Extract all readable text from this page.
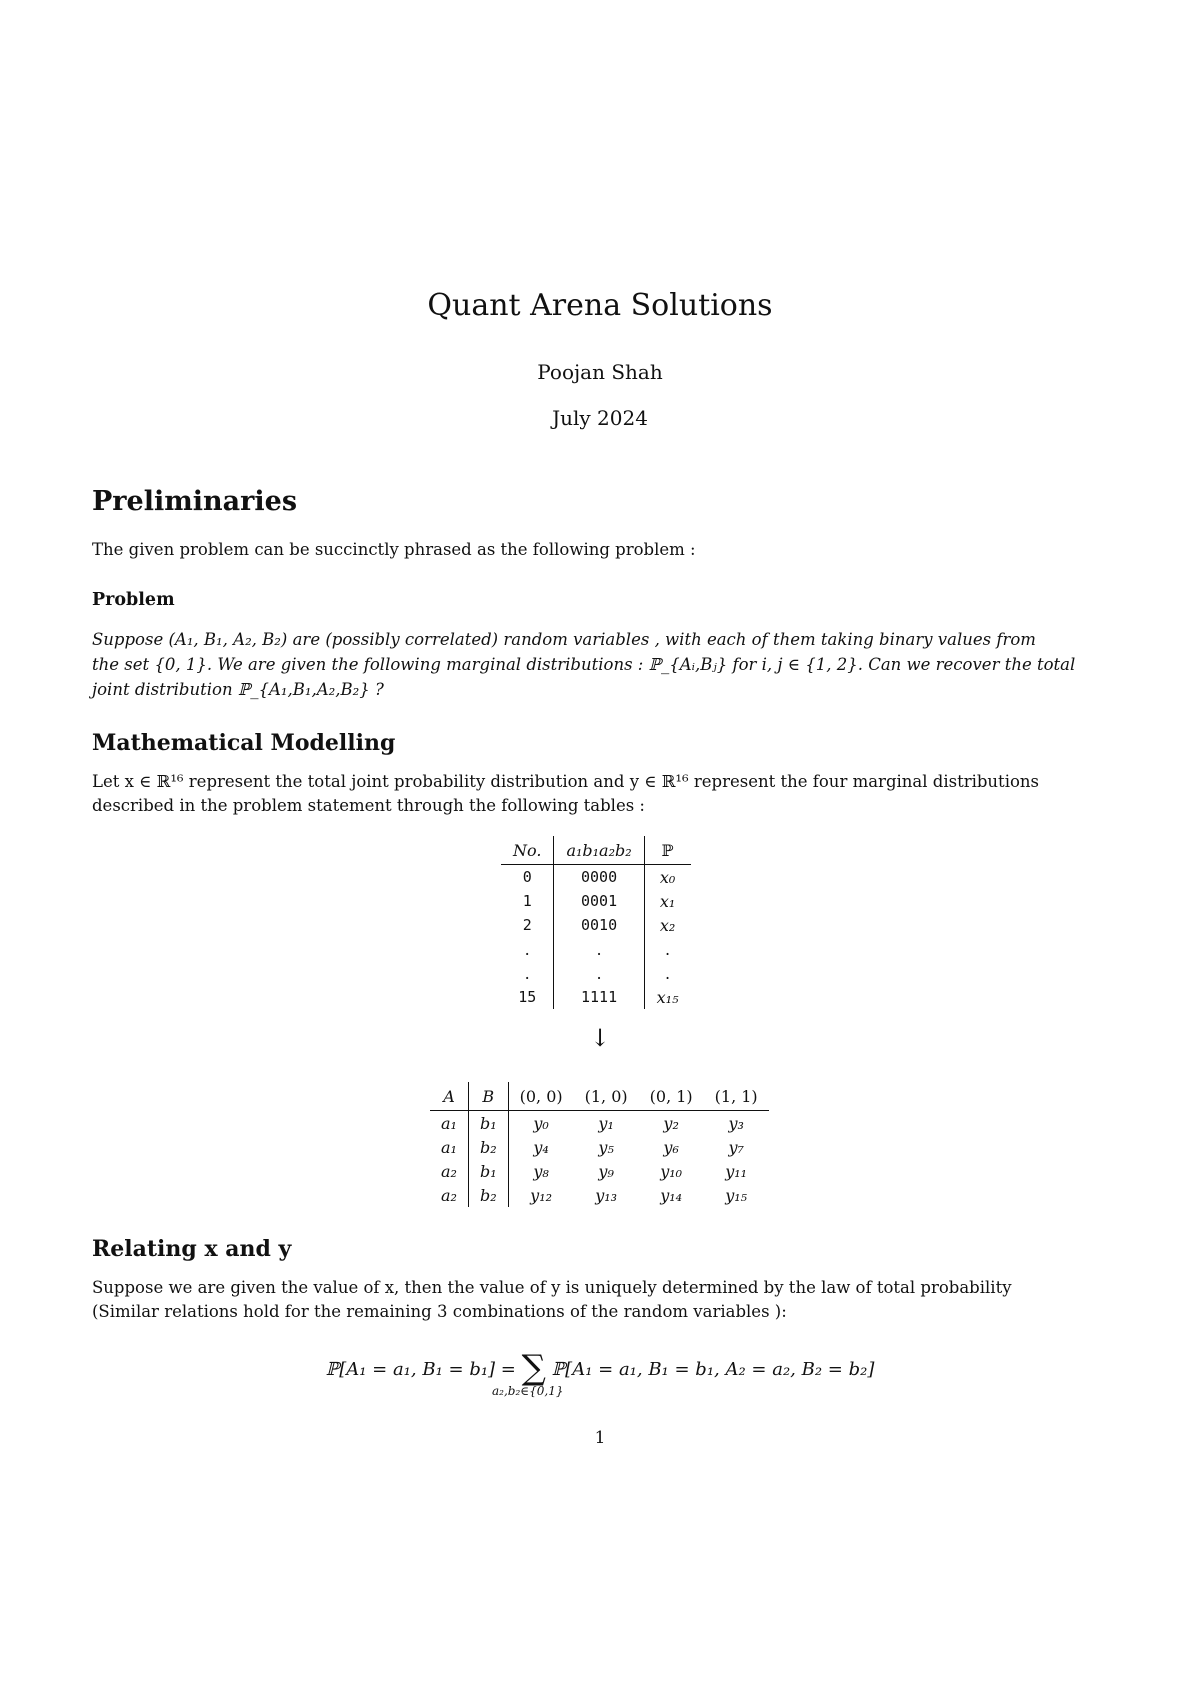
Quant Arena Solutions
Poojan Shah
July 2024
Preliminaries
The given problem can be succinctly phrased as the following problem :
Problem
Suppose (A₁, B₁, A₂, B₂) are (possibly correlated) random variables , with each of them taking binary values from
the set {0, 1}. We are given the following marginal distributions : ℙ_{Aᵢ,Bⱼ} for i, j ∈ {1, 2}. Can we recover the total
joint distribution ℙ_{A₁,B₁,A₂,B₂} ?
Mathematical Modelling
Let x ∈ ℝ¹⁶ represent the total joint probability distribution and y ∈ ℝ¹⁶ represent the four marginal distributions
described in the problem statement through the following tables :
No.	a₁b₁a₂b₂	ℙ
0	0000	x₀
1	0001	x₁
2	0010	x₂
.	.	.
.	.	.
15	1111	x₁₅
↓
A	B	(0, 0)	(1, 0)	(0, 1)	(1, 1)
a₁	b₁	y₀	y₁	y₂	y₃
a₁	b₂	y₄	y₅	y₆	y₇
a₂	b₁	y₈	y₉	y₁₀	y₁₁
a₂	b₂	y₁₂	y₁₃	y₁₄	y₁₅
Relating x and y
Suppose we are given the value of x, then the value of y is uniquely determined by the law of total probability
(Similar relations hold for the remaining 3 combinations of the random variables ):
ℙ[A₁ = a₁, B₁ = b₁] = ∑ ℙ[A₁ = a₁, B₁ = b₁, A₂ = a₂, B₂ = b₂]
a₂,b₂∈{0,1}
1
